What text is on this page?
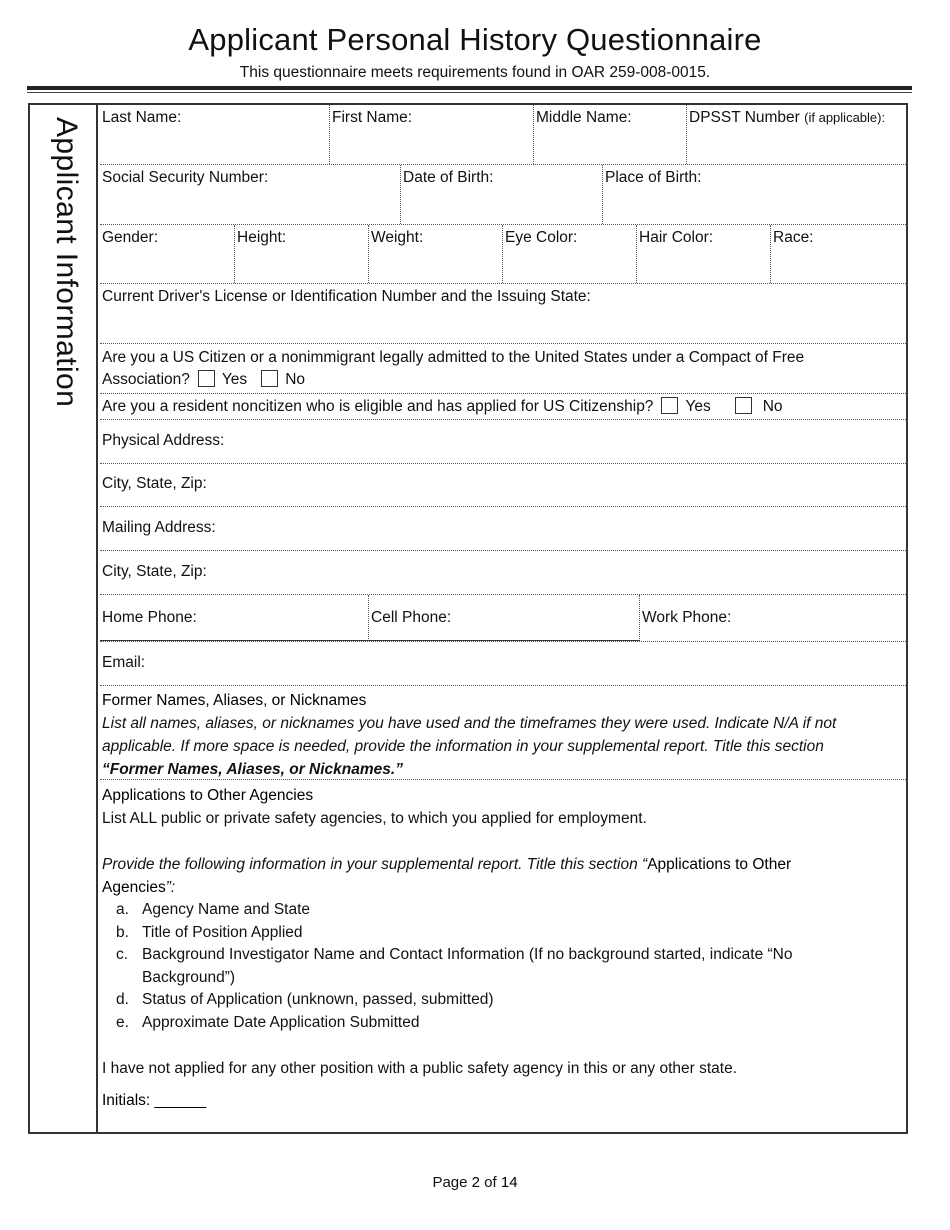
Applicant Personal History Questionnaire
This questionnaire meets requirements found in OAR 259-008-0015.
Applicant Information Last Name:	First Name:	Middle Name:	DPSST Number (if applicable):
Social Security Number:	Date of Birth:	Place of Birth:
Gender:	Height:	Weight:	Eye Color:	Hair Color:	Race:
Current Driver's License or Identification Number and the Issuing State:
Are you a US Citizen or a nonimmigrant legally admitted to the United States under a Compact of Free
Association? Yes No
Are you a resident noncitizen who is eligible and has applied for US Citizenship? Yes	No
Physical Address:
City, State, Zip:
Mailing Address:
City, State, Zip:
Home Phone:	Cell Phone:	Work Phone:
Email:
Former Names, Aliases, or Nicknames
List all names, aliases, or nicknames you have used and the timeframes they were used. Indicate N/A if not
applicable. If more space is needed, provide the information in your supplemental report. Title this section
“Former Names, Aliases, or Nicknames.”
Applications to Other Agencies
List ALL public or private safety agencies, to which you applied for employment.
Provide the following information in your supplemental report. Title this section “Applications to Other
Agencies”:
a. Agency Name and State
b. Title of Position Applied
c. Background Investigator Name and Contact Information (If no background started, indicate “No
Background”)
d. Status of Application (unknown, passed, submitted)
e. Approximate Date Application Submitted
I have not applied for any other position with a public safety agency in this or any other state.
Initials: ______
Page 2 of 14
